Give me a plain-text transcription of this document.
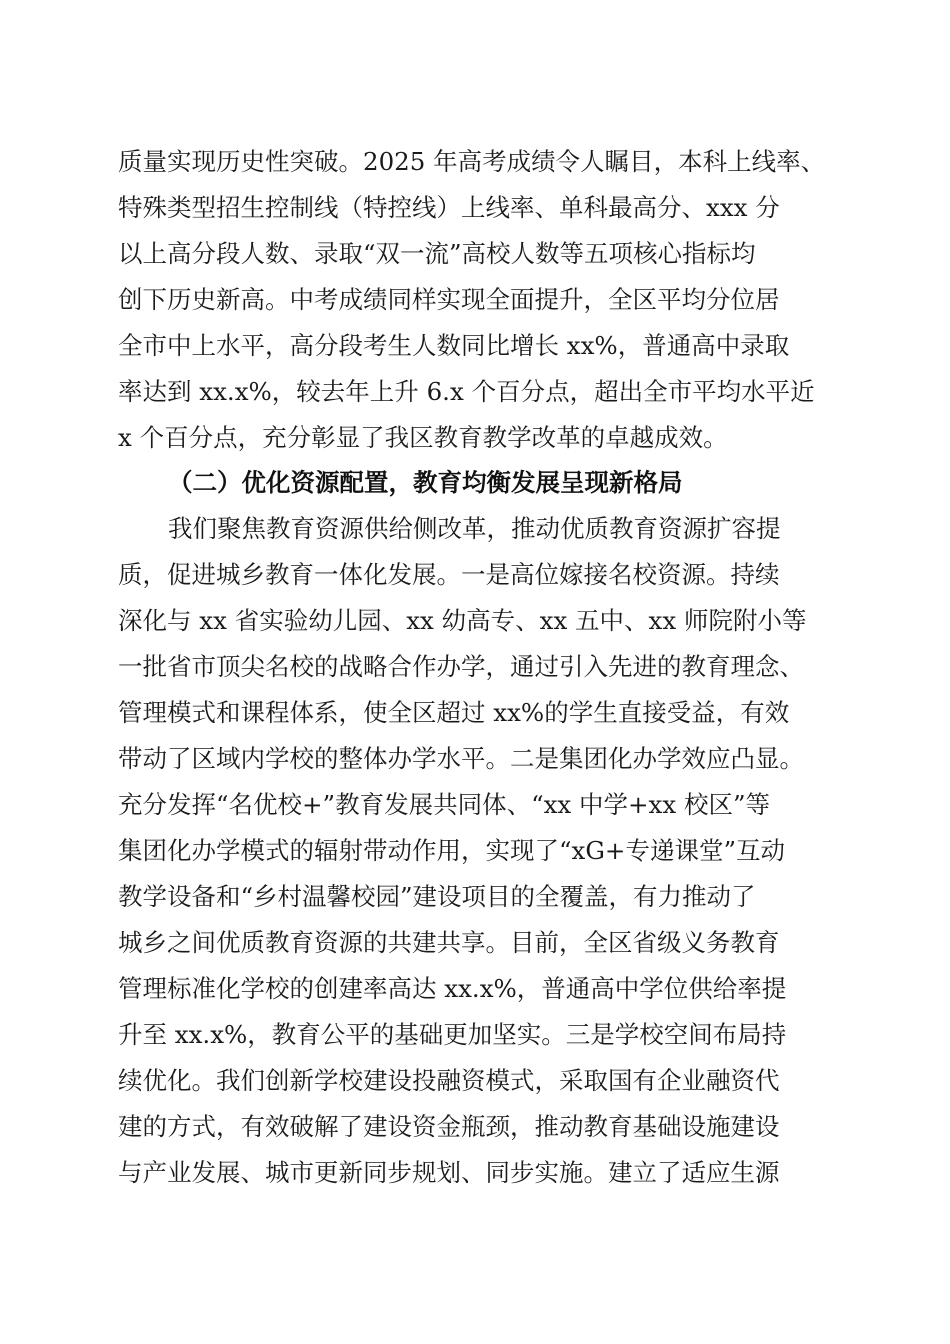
质量实现历史性突破。2025 年高考成绩令人瞩目，本科上线率、
特殊类型招生控制线（特控线）上线率、单科最高分、xxx 分
以上高分段人数、录取“双一流”高校人数等五项核心指标均
创下历史新高。中考成绩同样实现全面提升，全区平均分位居
全市中上水平，高分段考生人数同比增长 xx%，普通高中录取
率达到 xx.x%，较去年上升 6.x 个百分点，超出全市平均水平近
x 个百分点，充分彰显了我区教育教学改革的卓越成效。
（二）优化资源配置，教育均衡发展呈现新格局
我们聚焦教育资源供给侧改革，推动优质教育资源扩容提
质，促进城乡教育一体化发展。一是高位嫁接名校资源。持续
深化与 xx 省实验幼儿园、xx 幼高专、xx 五中、xx 师院附小等
一批省市顶尖名校的战略合作办学，通过引入先进的教育理念、
管理模式和课程体系，使全区超过 xx%的学生直接受益，有效
带动了区域内学校的整体办学水平。二是集团化办学效应凸显。
充分发挥“名优校+”教育发展共同体、“xx 中学+xx 校区”等
集团化办学模式的辐射带动作用，实现了“xG+专递课堂”互动
教学设备和“乡村温馨校园”建设项目的全覆盖，有力推动了
城乡之间优质教育资源的共建共享。目前，全区省级义务教育
管理标准化学校的创建率高达 xx.x%，普通高中学位供给率提
升至 xx.x%，教育公平的基础更加坚实。三是学校空间布局持
续优化。我们创新学校建设投融资模式，采取国有企业融资代
建的方式，有效破解了建设资金瓶颈，推动教育基础设施建设
与产业发展、城市更新同步规划、同步实施。建立了适应生源
